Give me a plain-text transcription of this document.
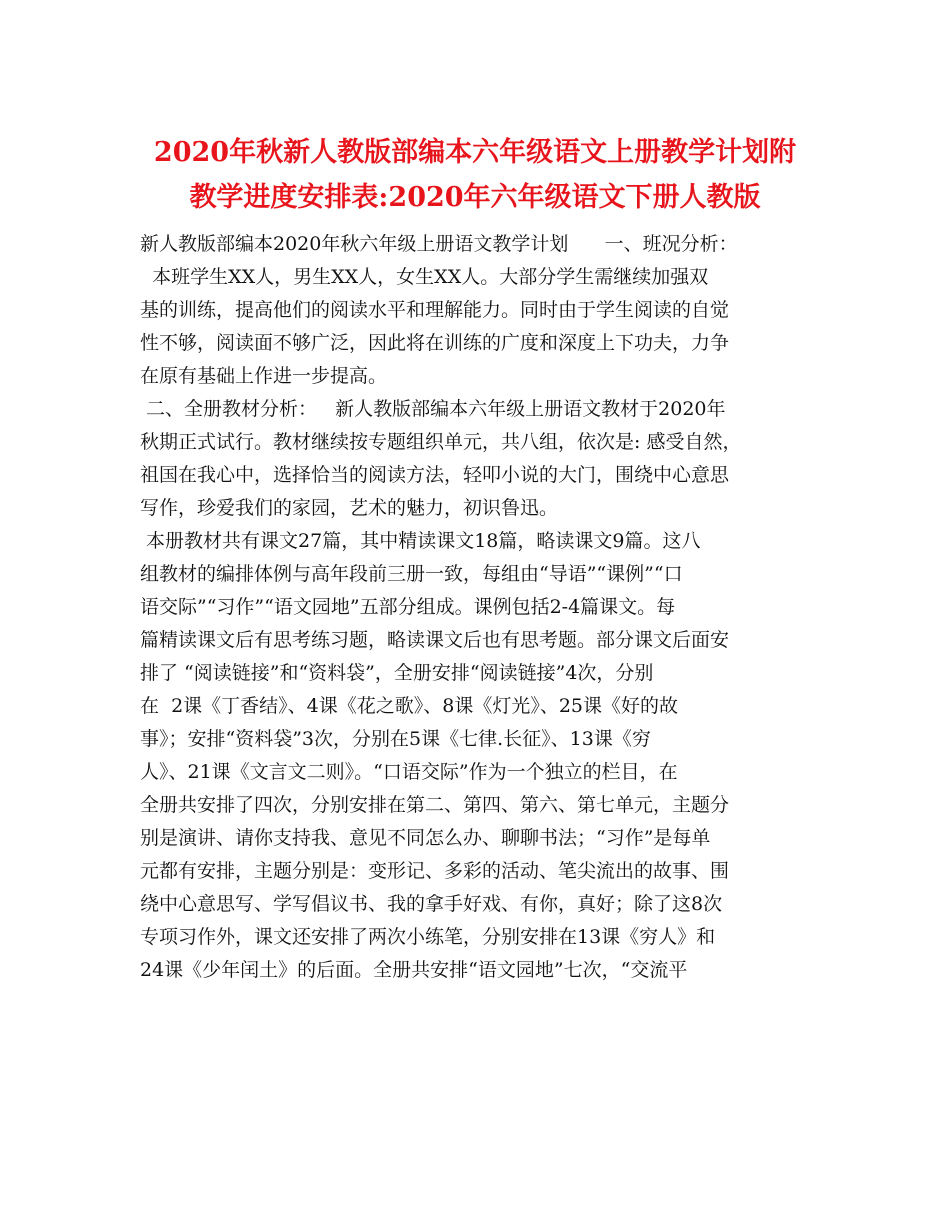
2020年秋新人教版部编本六年级语文上册教学计划附
教学进度安排表:2020年六年级语文下册人教版
新人教版部编本2020年秋六年级上册语文教学计划      一、班况分析：
本班学生XX人，男生XX人，女生XX人。大部分学生需继续加强双
基的训练，提高他们的阅读水平和理解能力。同时由于学生阅读的自觉
性不够，阅读面不够广泛，因此将在训练的广度和深度上下功夫，力争
在原有基础上作进一步提高。
二、全册教材分析：   新人教版部编本六年级上册语文教材于2020年
秋期正式试行。教材继续按专题组织单元，共八组，依次是: 感受自然，
祖国在我心中，选择恰当的阅读方法，轻叩小说的大门，围绕中心意思
写作，珍爱我们的家园，艺术的魅力，初识鲁迅。
本册教材共有课文27篇，其中精读课文18篇，略读课文9篇。这八
组教材的编排体例与高年段前三册一致，每组由“导语”“课例”“口
语交际”“习作”“语文园地”五部分组成。课例包括2-4篇课文。每
篇精读课文后有思考练习题，略读课文后也有思考题。部分课文后面安
排了 “阅读链接”和“资料袋”，全册安排“阅读链接”4次，分别
在  2课《丁香结》、4课《花之歌》、8课《灯光》、25课《好的故
事》；安排“资料袋”3次，分别在5课《七律.长征》、13课《穷
人》、21课《文言文二则》。“口语交际”作为一个独立的栏目，在
全册共安排了四次，分别安排在第二、第四、第六、第七单元，主题分
别是演讲、请你支持我、意见不同怎么办、聊聊书法；“习作”是每单
元都有安排，主题分别是：变形记、多彩的活动、笔尖流出的故事、围
绕中心意思写、学写倡议书、我的拿手好戏、有你，真好；除了这8次
专项习作外，课文还安排了两次小练笔，分别安排在13课《穷人》和
24课《少年闰土》的后面。全册共安排“语文园地”七次，“交流平
